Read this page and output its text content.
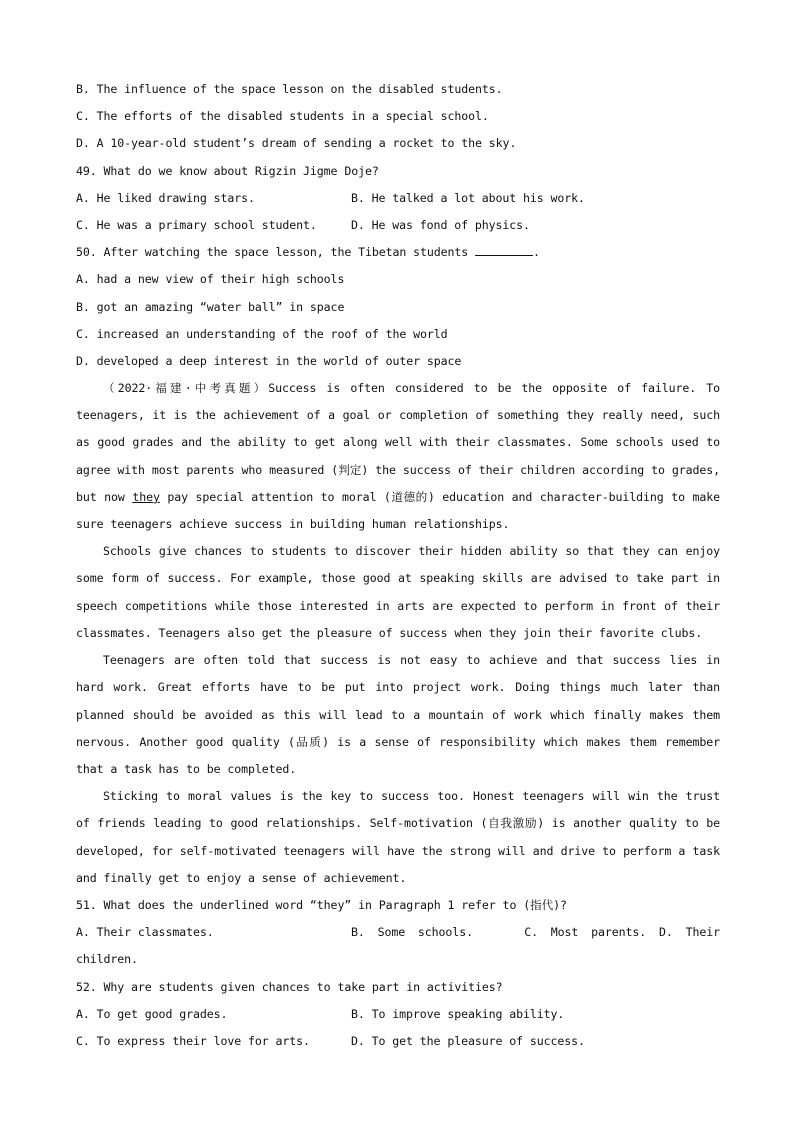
B. The influence of the space lesson on the disabled students.
C. The efforts of the disabled students in a special school.
D. A 10-year-old student’s dream of sending a rocket to the sky.
49. What do we know about Rigzin Jigme Doje?
A. He liked drawing stars.	B. He talked a lot about his work.
C. He was a primary school student.	D. He was fond of physics.
50. After watching the space lesson, the Tibetan students	.
A. had a new view of their high schools
B. got an amazing “water ball” in space
C. increased an understanding of the roof of the world
D. developed a deep interest in the world of outer space
（2022·福建·中考真题）Success is often considered to be the opposite of failure. To teenagers, it is the achievement of a goal or completion of something they really need, such as good grades and the ability to get along well with their classmates. Some schools used to agree with most parents who measured (判定) the success of their children according to grades, but now they pay special attention to moral (道德的) education and character-building to make sure teenagers achieve success in building human relationships.
Schools give chances to students to discover their hidden ability so that they can enjoy some form of success. For example, those good at speaking skills are advised to take part in speech competitions while those interested in arts are expected to perform in front of their classmates. Teenagers also get the pleasure of success when they join their favorite clubs.
Teenagers are often told that success is not easy to achieve and that success lies in hard work. Great efforts have to be put into project work. Doing things much later than planned should be avoided as this will lead to a mountain of work which finally makes them nervous. Another good quality (品质) is a sense of responsibility which makes them remember that a task has to be completed.
Sticking to moral values is the key to success too. Honest teenagers will win the trust of friends leading to good relationships. Self-motivation (自我激励) is another quality to be developed, for self-motivated teenagers will have the strong will and drive to perform a task and finally get to enjoy a sense of achievement.
51. What does the underlined word “they” in Paragraph 1 refer to (指代)?
A. Their classmates.	B. Some schools.	C. Most parents. D. Their children.
52. Why are students given chances to take part in activities?
A. To get good grades.	B. To improve speaking ability.
C. To express their love for arts.	D. To get the pleasure of success.
